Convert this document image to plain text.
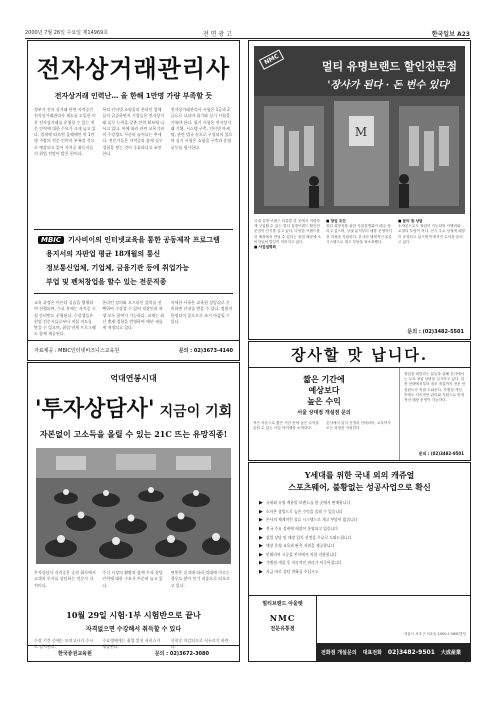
2000년 7월 26일 수요일 제14969호	전 면 광 고	한국일보 A23
전자상거래관리사
전자상거래 인력난… 올 한해 1만명 가량 부족할 듯
정부가 전자 상거래 관련 자격증인 전자상거래관리사 제도를 도입한 이후 전자상거래를 운영할 수 있는 전문 인력에 대한 수요가 크게 늘고 있다. 업계에 따르면 올해에만 약 1만명 가량의 전문 인력이 부족할 것으로 예상되고 있어 자격증 취득자들의 취업 전망이 밝은 편이다.
특히 인터넷 쇼핑몰과 온라인 업체들이 급증하면서 기업들은 전자상거래 실무 능력을 갖춘 인력 확보에 나서고 있다. 이에 따라 관련 교육기관의 수강생도 꾸준히 늘어나는 추세다. 전문가들은 자격증과 함께 실무 경험을 쌓는 것이 중요하다고 조언한다.
전자상거래관리사 시험은 1급과 2급으로 나뉘며 필기와 실기 시험을 거쳐야 한다. 필기 시험은 전자상거래 기획, 시스템 구축, 인터넷 마케팅, 관련 법규 등으로 구성되어 있으며 실기 시험은 쇼핑몰 구축과 운영 실무를 평가한다.
MBIC	기사비이의 인터넷교육을 통한 공동제작 프로그램

용지서의 자판업 평균 18개월의 통신

정보통신업체, 기업체, 금융기관 등에 취업가능

부업 및 펜처창업을 할수 있는 전문직종

교육 과정은 이론과 실습을 병행하여 진행되며, 수료 후에는 자격증 시험 준비반도 운영된다. 수강생들은 현업 전문가들로부터 직접 지도를 받을 수 있으며, 취업 연계 프로그램도 함께 제공된다.
온라인 강의와 오프라인 강의를 선택하여 수강할 수 있어 직장인과 학생 모두 참여가 가능하다. 교재는 최신 출제 경향을 반영하여 매년 새롭게 개정되고 있다.
자세한 사항은 교육원 상담실로 문의하면 안내를 받을 수 있다. 정원이 한정되어 있으므로 조기 마감될 수 있다.
자료제공 : MBIC인터넷비즈니스교육원	문의 : 02)3673-4140
억대연봉시대
'투자상담사' 지금이 기회
자본없이 고소득을 올릴 수 있는 21C 뜨는 유망직종!
투자상담사 자격증은 증권 회사에서 고객의 투자를 상담하는 전문가 자격이다.
주식 시장의 활황과 함께 투자 상담 인력에 대한 수요가 꾸준히 늘고 있다.
연봉은 실적에 따라 억대에 이르는 경우도 많아 인기 직종으로 떠오르고 있다.
10월 29일 시험·1부 시험반으로 끝나
자격없으면 수강해서 취득할 수 있다
수강 기간 중에는 모의고사가 수시로 실시된다.
수료생에게는 취업 알선 서비스가 제공된다.
선착순 마감되므로 서두르기 바란다.
한국증권교육원	문의 : 02)3672-3080
NMC
멀티 유명브랜드 할인전문점
'장사가 된다 · 돈 번수 있다'
M
국내 유명 브랜드 의류를 한 곳에서 저렴하게 구입할 수 있는 멀티 유명브랜드 할인전문점이 인기를 끌고 있다. 다양한 브랜드를 한 매장에서 만날 수 있다는 장점 때문에 소비자들의 발길이 이어지고 있다.
■ 사업설명회
■ 창업 조건
창업 희망자를 위한 사업설명회가 매주 열리고 있으며, 상권 분석부터 매장 운영까지 전 과정을 지원한다. 본사의 체계적인 물류 시스템으로 재고 부담을 최소화했다.
■ 문의 및 상담
소자본으로도 창업이 가능하며 가맹비와 로열티 부담이 적다. 전국 주요 상권에 매장이 운영되고 있으며 안정적인 수익을 올리고 있다.
문의 : (02)3482-5501
장사할 맛 납니다.
짧은 기간에
예상보다
높은 수익
서울 상대점 개설점 문의
적은 자본으로 짧은 기간 안에 높은 수익을 올릴 수 있는 사업 아이템을 소개한다.
본사에서 입지 선정과 인테리어, 교육까지 모든 과정을 지원한다.
창업을 희망하는 분들을 위해 본사에서는 무료 창업 상담을 실시하고 있다. 업종 선택에서부터 점포 개설까지 전문 컨설턴트가 직접 도와준다. 가맹점 개설 후에도 지속적인 관리와 지원으로 안정적인 매장 운영이 가능하다.
문의 : (02)3482-9501
Y세대를 위한 국내 외의 캐쥬얼
스포츠웨어, 불황없는 성공사업으로 확신
▶ 국내외 유명 캐쥬얼 브랜드를 한 곳에서 판매합니다
▶ 소자본 창업으로 높은 수익을 올릴 수 있습니다
▶ 본사의 체계적인 물류 시스템으로 재고 부담이 없습니다
▶ 전국 주요 상권에 매장이 운영되고 있습니다
▶ 창업 상담 및 매장 입지 선정을 무료로 도와드립니다
▶ 매장 운영 교육과 판촉 지원을 제공합니다
▶ 인테리어 시공을 본사에서 직접 지원합니다
▶ 가맹점 개설 후 지속적인 관리가 이루어집니다
▶ 지금 바로 상담 전화를 주십시오
멀티브랜드 아울렛
NMC
전문유통점
서울시 서초구 서초동 1000-1 NMC빌딩
전화점 개설문의 대표전화 02)3482-9501 大成産業
